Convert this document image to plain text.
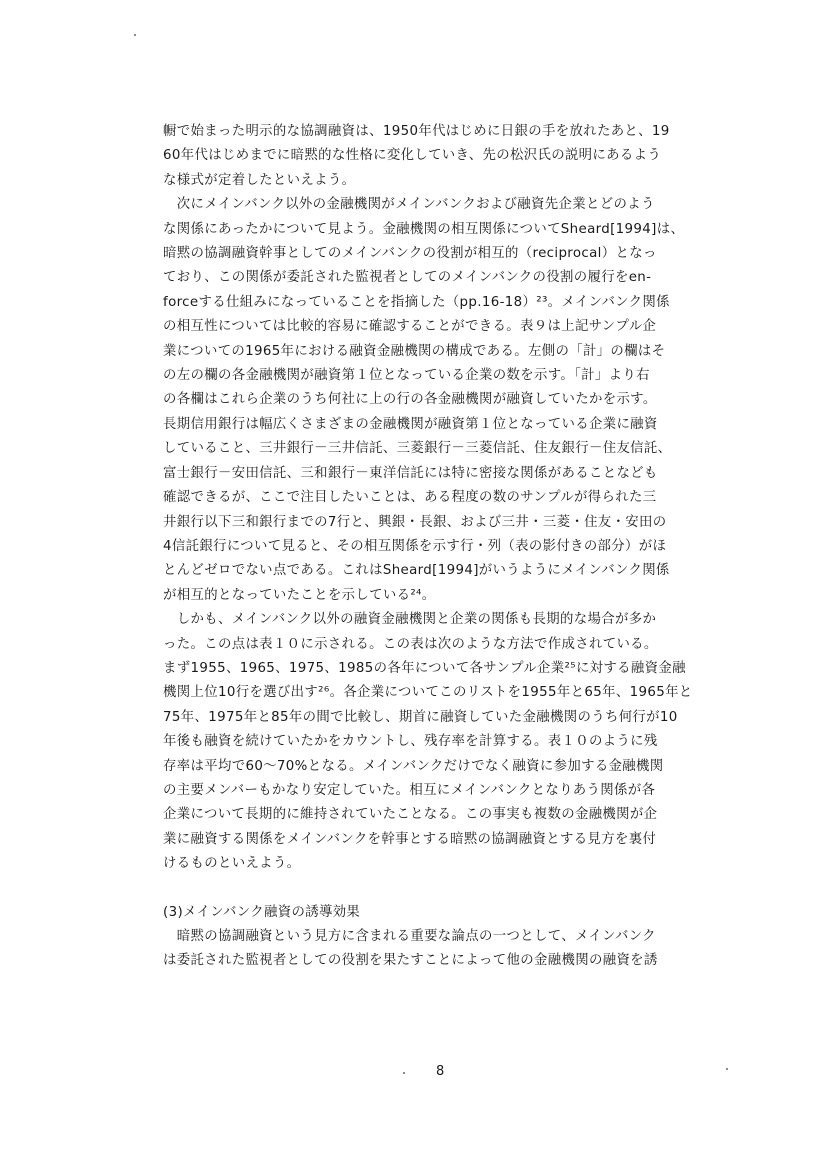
㡡で始まった明示的な協調融資は、1950年代はじめに日銀の手を放れたあと、19
60年代はじめまでに暗黙的な性格に変化していき、先の松沢氏の説明にあるよう
な様式が定着したといえよう。
　次にメインバンク以外の金融機関がメインバンクおよび融資先企業とどのよう
な関係にあったかについて見よう。金融機関の相互関係についてSheard[1994]は、
暗黙の協調融資幹事としてのメインバンクの役割が相互的（reciprocal）となっ
ており、この関係が委託された監視者としてのメインバンクの役割の履行をen-
forceする仕組みになっていることを指摘した（pp.16-18）²³。メインバンク関係
の相互性については比較的容易に確認することができる。表９は上記サンプル企
業についての1965年における融資金融機関の構成である。左側の「計」の欄はそ
の左の欄の各金融機関が融資第１位となっている企業の数を示す。「計」より右
の各欄はこれら企業のうち何社に上の行の各金融機関が融資していたかを示す。
長期信用銀行は幅広くさまざまの金融機関が融資第１位となっている企業に融資
していること、三井銀行－三井信託、三菱銀行－三菱信託、住友銀行－住友信託、
富士銀行－安田信託、三和銀行－東洋信託には特に密接な関係があることなども
確認できるが、ここで注目したいことは、ある程度の数のサンプルが得られた三
井銀行以下三和銀行までの7行と、興銀・長銀、および三井・三菱・住友・安田の
4信託銀行について見ると、その相互関係を示す行・列（表の影付きの部分）がほ
とんどゼロでない点である。これはSheard[1994]がいうようにメインバンク関係
が相互的となっていたことを示している²⁴。
　しかも、メインバンク以外の融資金融機関と企業の関係も長期的な場合が多か
った。この点は表１０に示される。この表は次のような方法で作成されている。
まず1955、1965、1975、1985の各年について各サンプル企業²⁵に対する融資金融
機関上位10行を選び出す²⁶。各企業についてこのリストを1955年と65年、1965年と
75年、1975年と85年の間で比較し、期首に融資していた金融機関のうち何行が10
年後も融資を続けていたかをカウントし、残存率を計算する。表１０のように残
存率は平均で60～70%となる。メインバンクだけでなく融資に参加する金融機関
の主要メンバーもかなり安定していた。相互にメインバンクとなりあう関係が各
企業について長期的に維持されていたことなる。この事実も複数の金融機関が企
業に融資する関係をメインバンクを幹事とする暗黙の協調融資とする見方を裏付
けるものといえよう。
(3)メインバンク融資の誘導効果
　暗黙の協調融資という見方に含まれる重要な論点の一つとして、メインバンク
は委託された監視者としての役割を果たすことによって他の金融機関の融資を誘
8
